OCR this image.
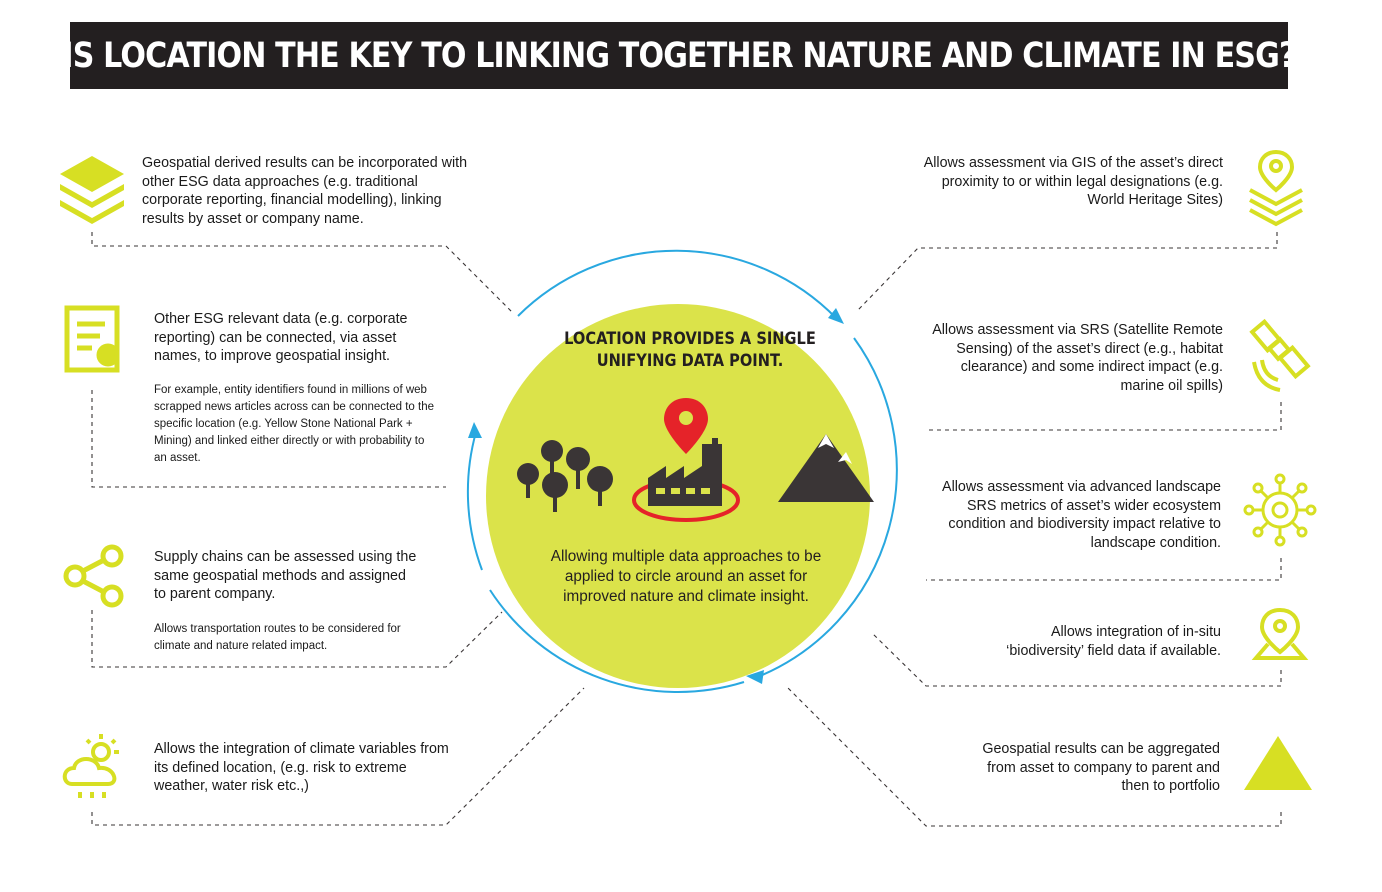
IS LOCATION THE KEY TO LINKING TOGETHER NATURE AND CLIMATE IN ESG?
LOCATION PROVIDES A SINGLE UNIFYING DATA POINT.
Allowing multiple data approaches to be applied to circle around an asset for improved nature and climate insight.
Geospatial derived results can be incorporated with other ESG data approaches (e.g. traditional corporate reporting, financial modelling), linking results by asset or company name.
Other ESG relevant data (e.g. corporate reporting) can be connected, via asset names, to improve geospatial insight.
For example, entity identifiers found in millions of web scrapped news articles across can be connected to the specific location (e.g. Yellow Stone National Park + Mining) and linked either directly or with probability to an asset.
Supply chains can be assessed using the same geospatial methods and assigned to parent company.
Allows transportation routes to be considered for climate and nature related impact.
Allows the integration of climate variables from its defined location, (e.g. risk to extreme weather, water risk etc.,)
Allows assessment via GIS of the asset’s direct proximity to or within legal designations (e.g. World Heritage Sites)
Allows assessment via SRS (Satellite Remote Sensing) of the asset’s direct (e.g., habitat clearance) and some indirect impact (e.g. marine oil spills)
Allows assessment via advanced landscape SRS metrics of asset’s wider ecosystem condition and biodiversity impact relative to landscape condition.
Allows integration of in-situ ‘biodiversity’ field data if available.
Geospatial results can be aggregated from asset to company to parent and then to portfolio
